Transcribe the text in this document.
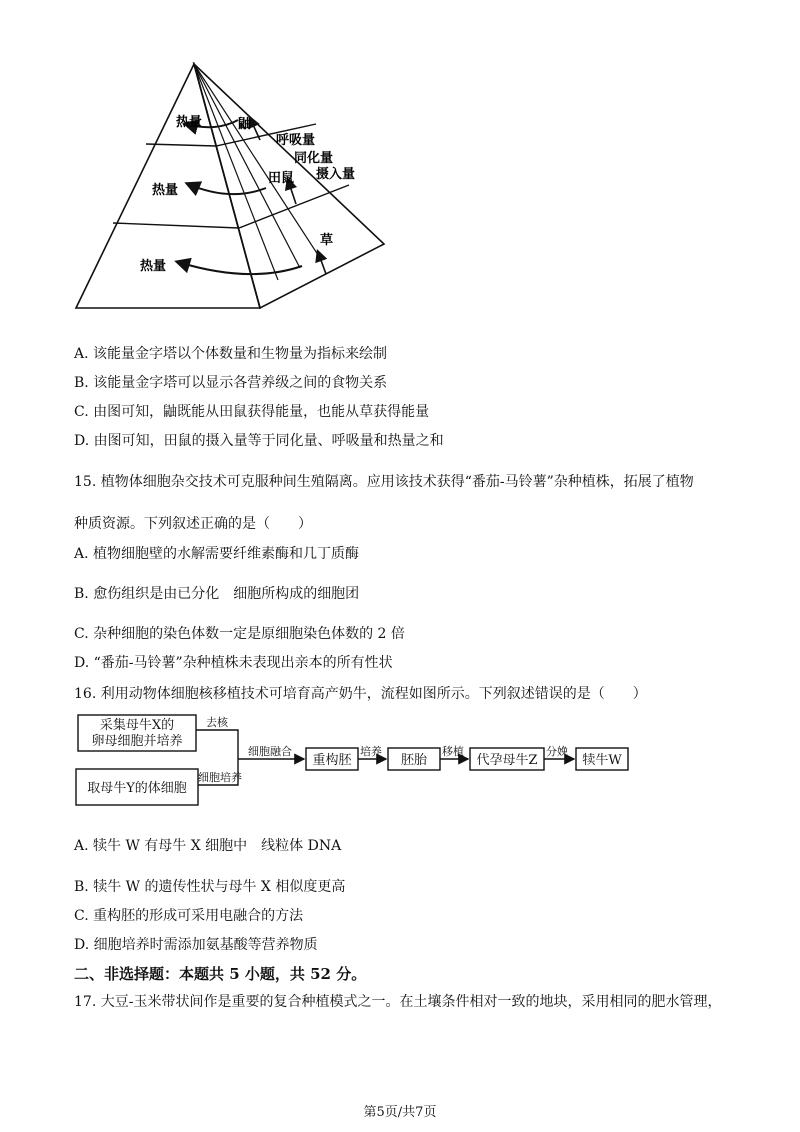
热量	鼬
呼吸量
同化量
摄入量
田鼠
热量
草
热量
A. 该能量金字塔以个体数量和生物量为指标来绘制
B. 该能量金字塔可以显示各营养级之间的食物关系
C. 由图可知，鼬既能从田鼠获得能量，也能从草获得能量
D. 由图可知，田鼠的摄入量等于同化量、呼吸量和热量之和
15. 植物体细胞杂交技术可克服种间生殖隔离。应用该技术获得“番茄-马铃薯”杂种植株，拓展了植物
种质资源。下列叙述正确的是（　　）
A. 植物细胞壁的水解需要纤维素酶和几丁质酶
B. 愈伤组织是由已分化　细胞所构成的细胞团
C. 杂种细胞的染色体数一定是原细胞染色体数的 2 倍
D. “番茄-马铃薯”杂种植株未表现出亲本的所有性状
16. 利用动物体细胞核移植技术可培育高产奶牛，流程如图所示。下列叙述错误的是（　　）
采集母牛X的
卵母细胞并培养
取母牛Y的体细胞
去核
细胞培养
细胞融合
重构胚
培养
胚胎
移植
代孕母牛Z
分娩
犊牛W
A. 犊牛 W 有母牛 X 细胞中　线粒体 DNA
B. 犊牛 W 的遗传性状与母牛 X 相似度更高
C. 重构胚的形成可采用电融合的方法
D. 细胞培养时需添加氨基酸等营养物质
二、非选择题：本题共 5 小题，共 52 分。
17. 大豆-玉米带状间作是重要的复合种植模式之一。在土壤条件相对一致的地块，采用相同的肥水管理，
第5页/共7页
